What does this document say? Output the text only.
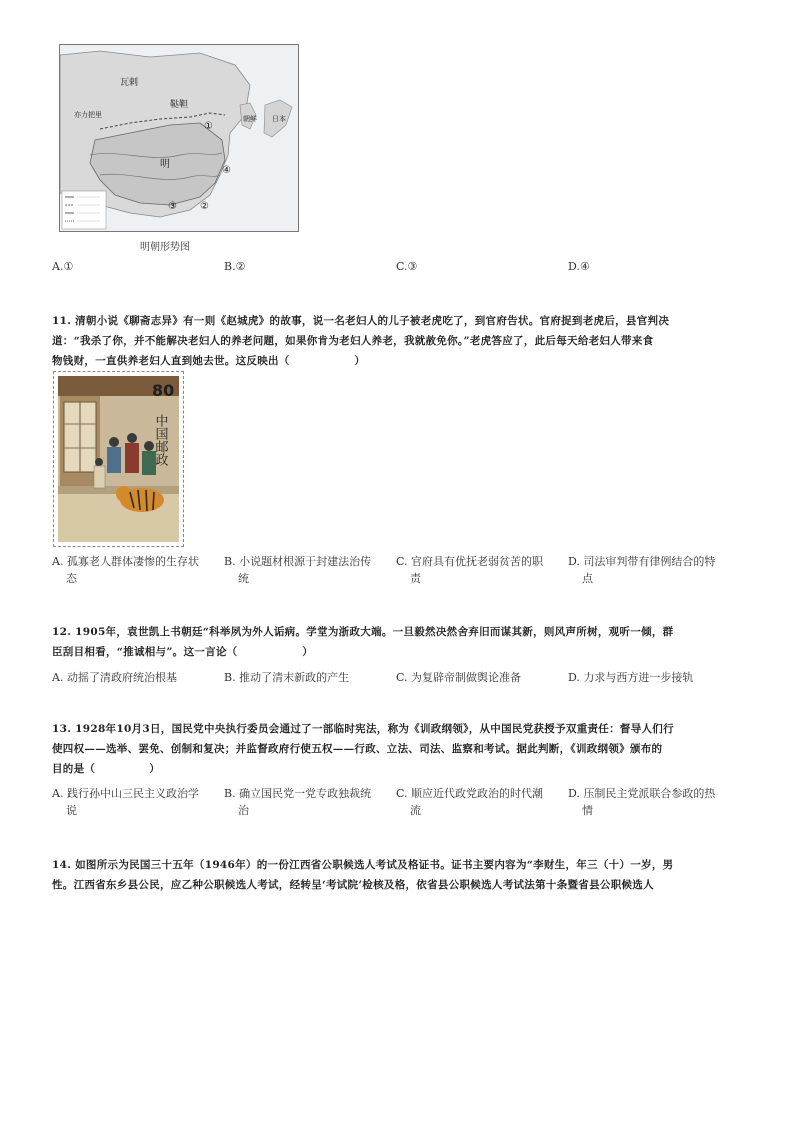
瓦剌
鞑靼
明
朝鲜 日本
亦力把里
①
②
③
④
明朝形势图
A.①	B.②	C.③	D.④
11. 清朝小说《聊斋志异》有一则《赵城虎》的故事，说一名老妇人的儿子被老虎吃了，到官府告状。官府捉到老虎后，县官判决
道：“我杀了你，并不能解决老妇人的养老问题，如果你肯为老妇人养老，我就赦免你。”老虎答应了，此后每天给老妇人带来食
物钱财，一直供养老妇人直到她去世。这反映出（　　　　　　）
80
中国邮政
A. 孤寡老人群体凄惨的生存状
态
B. 小说题材根源于封建法治传
统
C. 官府具有优抚老弱贫苦的职
责
D. 司法审判带有律例结合的特
点
12. 1905年，袁世凯上书朝廷“科举夙为外人诟病。学堂为浙政大端。一旦毅然决然舍弃旧而谋其新，则风声所树，观听一倾，群
臣刮目相看，“推诚相与”。这一言论（　　　　　　）
A. 动摇了清政府统治根基	B. 推动了清末新政的产生	C. 为复辟帝制做舆论准备	D. 力求与西方进一步接轨
13. 1928年10月3日，国民党中央执行委员会通过了一部临时宪法，称为《训政纲领》，从中国民党获授予双重责任：督导人们行
使四权——选举、罢免、创制和复决；并监督政府行使五权——行政、立法、司法、监察和考试。据此判断，《训政纲领》颁布的
目的是（　　　　　）
A. 践行孙中山三民主义政治学
说
B. 确立国民党一党专政独裁统
治
C. 顺应近代政党政治的时代潮
流
D. 压制民主党派联合参政的热
情
14. 如图所示为民国三十五年（1946年）的一份江西省公职候选人考试及格证书。证书主要内容为“李财生，年三（十）一岁，男
性。江西省东乡县公民，应乙种公职候选人考试，经转呈‘考试院’检核及格，依省县公职候选人考试法第十条暨省县公职候选人
